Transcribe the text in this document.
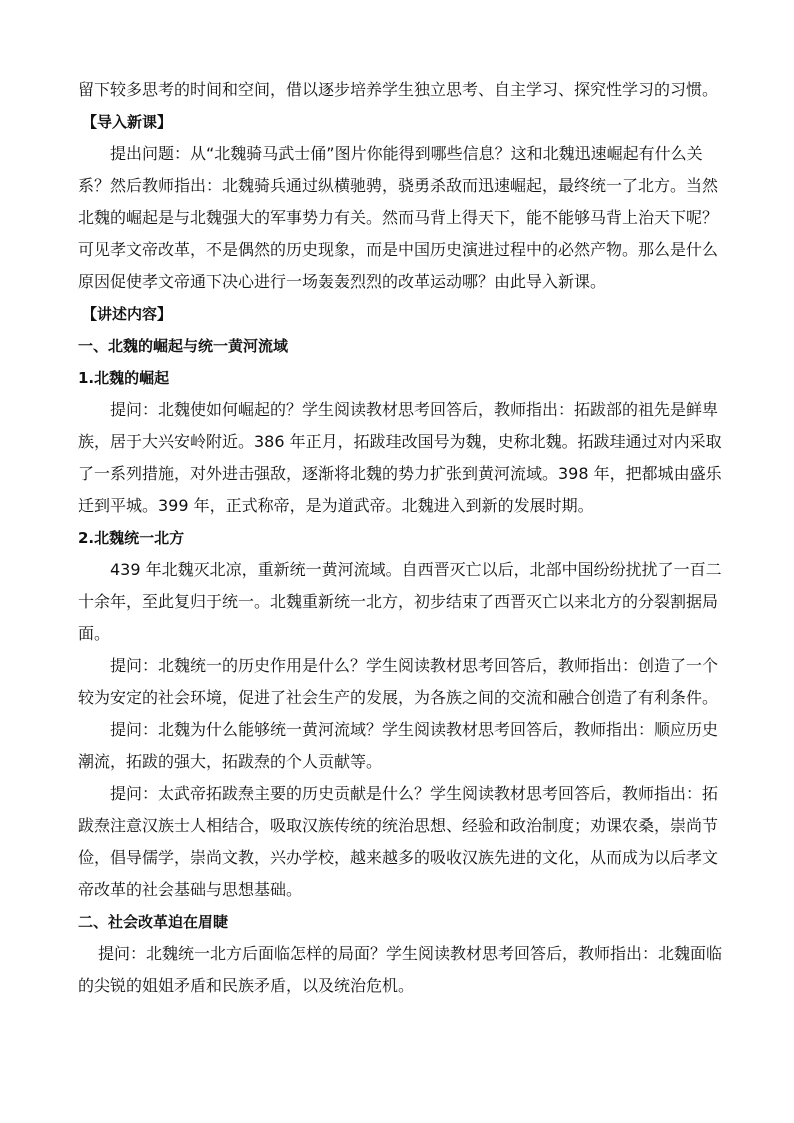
留下较多思考的时间和空间，借以逐步培养学生独立思考、自主学习、探究性学习的习惯。

【导入新课】

提出问题：从“北魏骑马武士俑”图片你能得到哪些信息？这和北魏迅速崛起有什么关

系？然后教师指出：北魏骑兵通过纵横驰骋，骁勇杀敌而迅速崛起，最终统一了北方。当然

北魏的崛起是与北魏强大的军事势力有关。然而马背上得天下，能不能够马背上治天下呢？

可见孝文帝改革，不是偶然的历史现象，而是中国历史演进过程中的必然产物。那么是什么

原因促使孝文帝通下决心进行一场轰轰烈烈的改革运动哪？由此导入新课。

【讲述内容】

一、北魏的崛起与统一黄河流域

1.北魏的崛起

提问：北魏使如何崛起的？学生阅读教材思考回答后，教师指出：拓跋部的祖先是鲜卑

族，居于大兴安岭附近。386 年正月，拓跋珪改国号为魏，史称北魏。拓跋珪通过对内采取

了一系列措施，对外进击强敌，逐渐将北魏的势力扩张到黄河流域。398 年，把都城由盛乐

迁到平城。399 年，正式称帝，是为道武帝。北魏进入到新的发展时期。

2.北魏统一北方

439 年北魏灭北凉，重新统一黄河流域。自西晋灭亡以后，北部中国纷纷扰扰了一百二

十余年，至此复归于统一。北魏重新统一北方，初步结束了西晋灭亡以来北方的分裂割据局

面。

提问：北魏统一的历史作用是什么？学生阅读教材思考回答后，教师指出：创造了一个

较为安定的社会环境，促进了社会生产的发展，为各族之间的交流和融合创造了有利条件。

提问：北魏为什么能够统一黄河流域？学生阅读教材思考回答后，教师指出：顺应历史

潮流，拓跋的强大，拓跋焘的个人贡献等。

提问：太武帝拓跋焘主要的历史贡献是什么？学生阅读教材思考回答后，教师指出：拓

跋焘注意汉族士人相结合，吸取汉族传统的统治思想、经验和政治制度；劝课农桑，崇尚节

俭，倡导儒学，崇尚文教，兴办学校，越来越多的吸收汉族先进的文化，从而成为以后孝文

帝改革的社会基础与思想基础。

二、社会改革迫在眉睫

提问：北魏统一北方后面临怎样的局面？学生阅读教材思考回答后，教师指出：北魏面临

的尖锐的姐姐矛盾和民族矛盾，以及统治危机。
